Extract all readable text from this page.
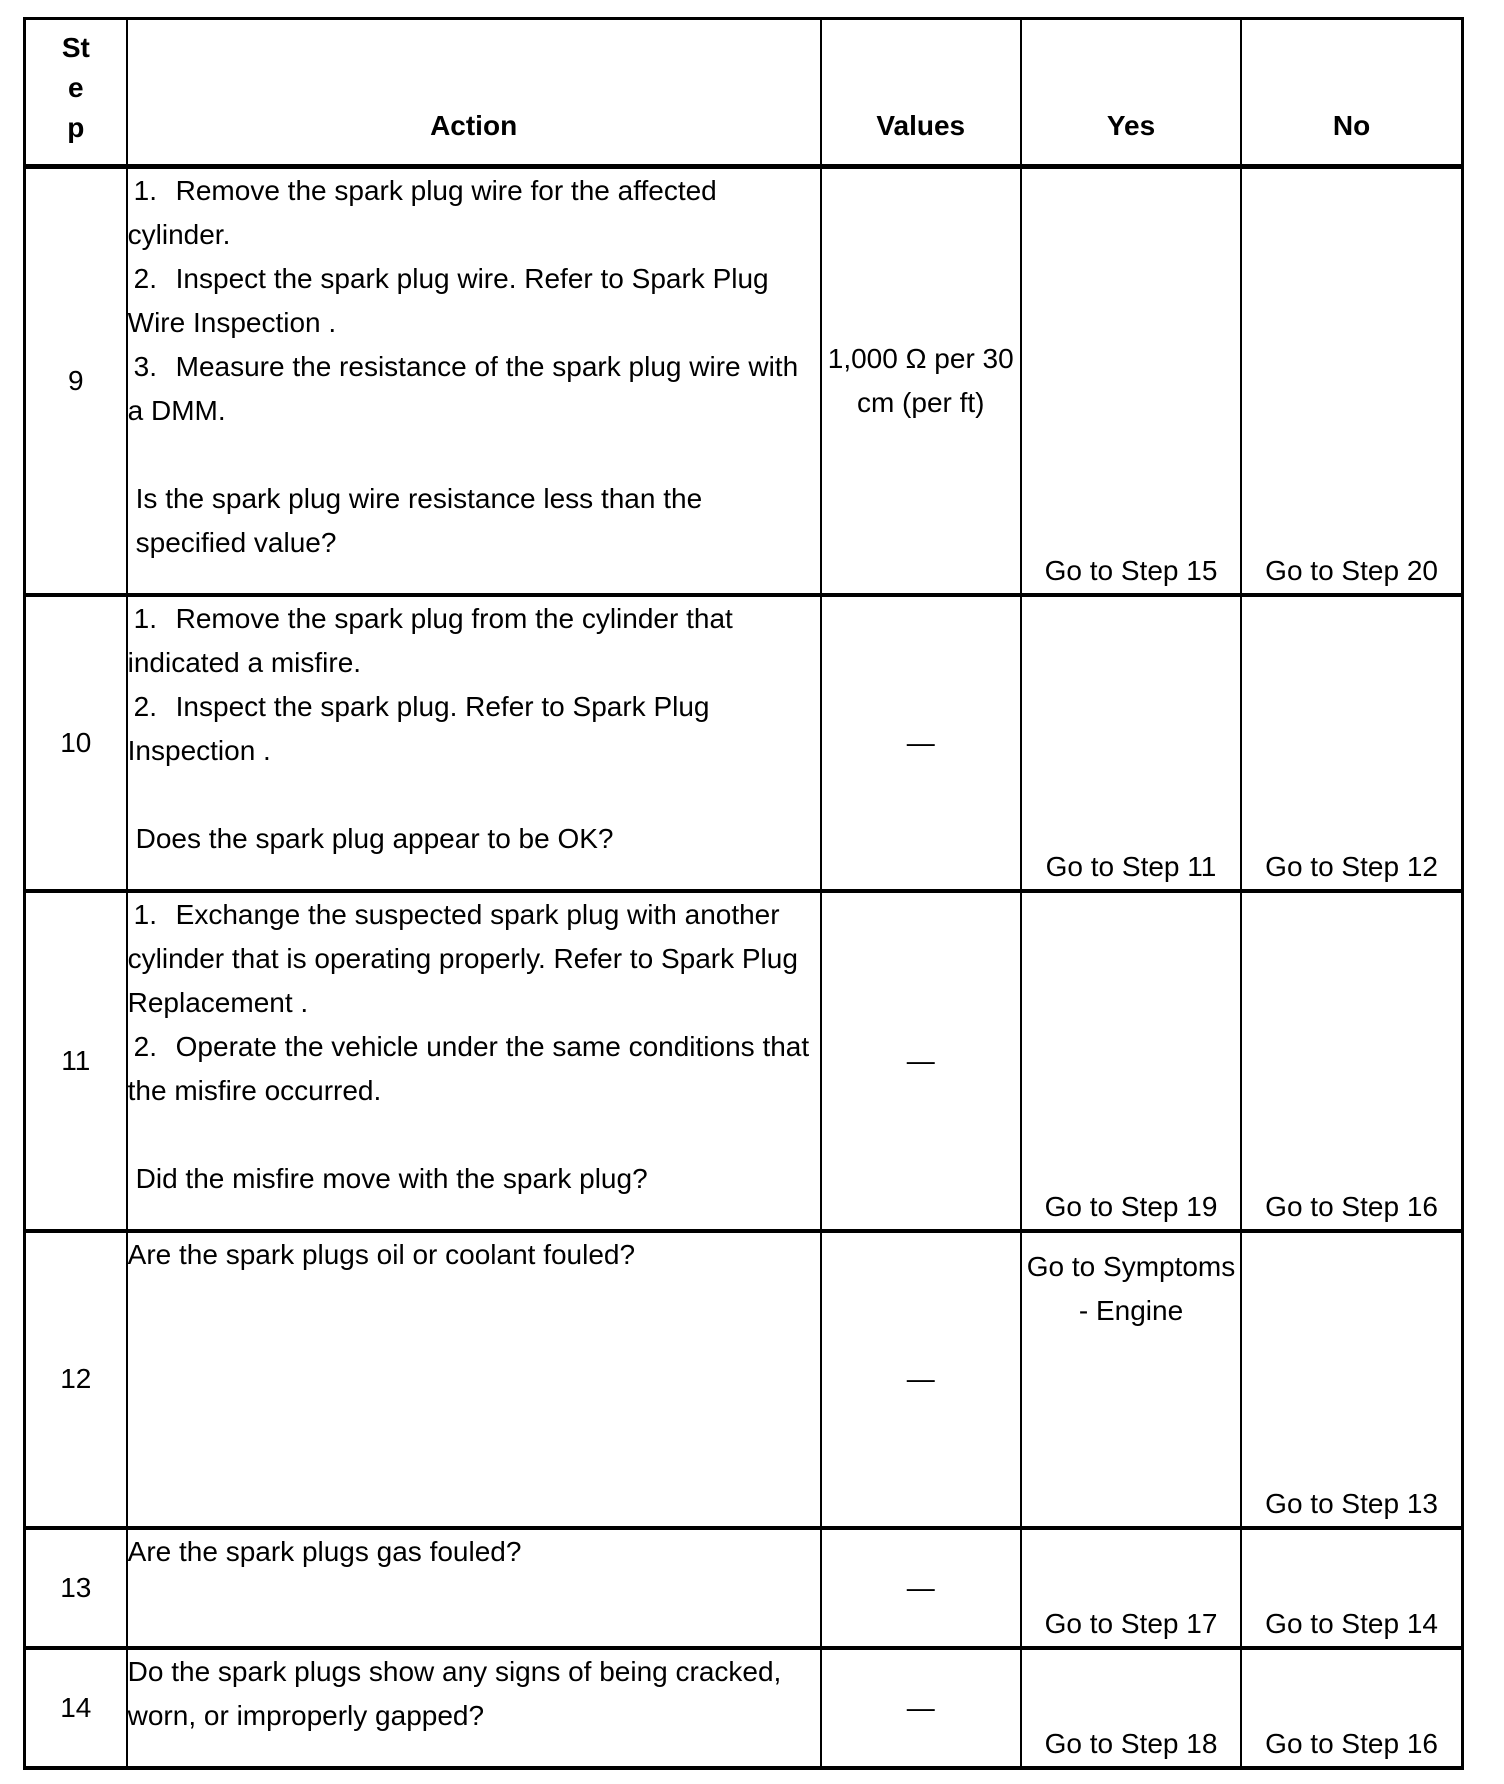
Step	Action	Values	Yes	No
9	1. Remove the spark plug wire for the affected cylinder.
2. Inspect the spark plug wire. Refer to Spark Plug Wire Inspection .
3. Measure the resistance of the spark plug wire with a DMM.
Is the spark plug wire resistance less than the specified value?	1,000 Ω per 30 cm (per ft)	Go to Step 15	Go to Step 20
10	1. Remove the spark plug from the cylinder that indicated a misfire.
2. Inspect the spark plug. Refer to Spark Plug Inspection .
Does the spark plug appear to be OK?	—	Go to Step 11	Go to Step 12
11	1. Exchange the suspected spark plug with another cylinder that is operating properly. Refer to Spark Plug Replacement .
2. Operate the vehicle under the same conditions that the misfire occurred.
Did the misfire move with the spark plug?	—	Go to Step 19	Go to Step 16
12	Are the spark plugs oil or coolant fouled?	—	Go to Symptoms - Engine	Go to Step 13
13	Are the spark plugs gas fouled?	—	Go to Step 17	Go to Step 14
14	Do the spark plugs show any signs of being cracked, worn, or improperly gapped?	—	Go to Step 18	Go to Step 16
